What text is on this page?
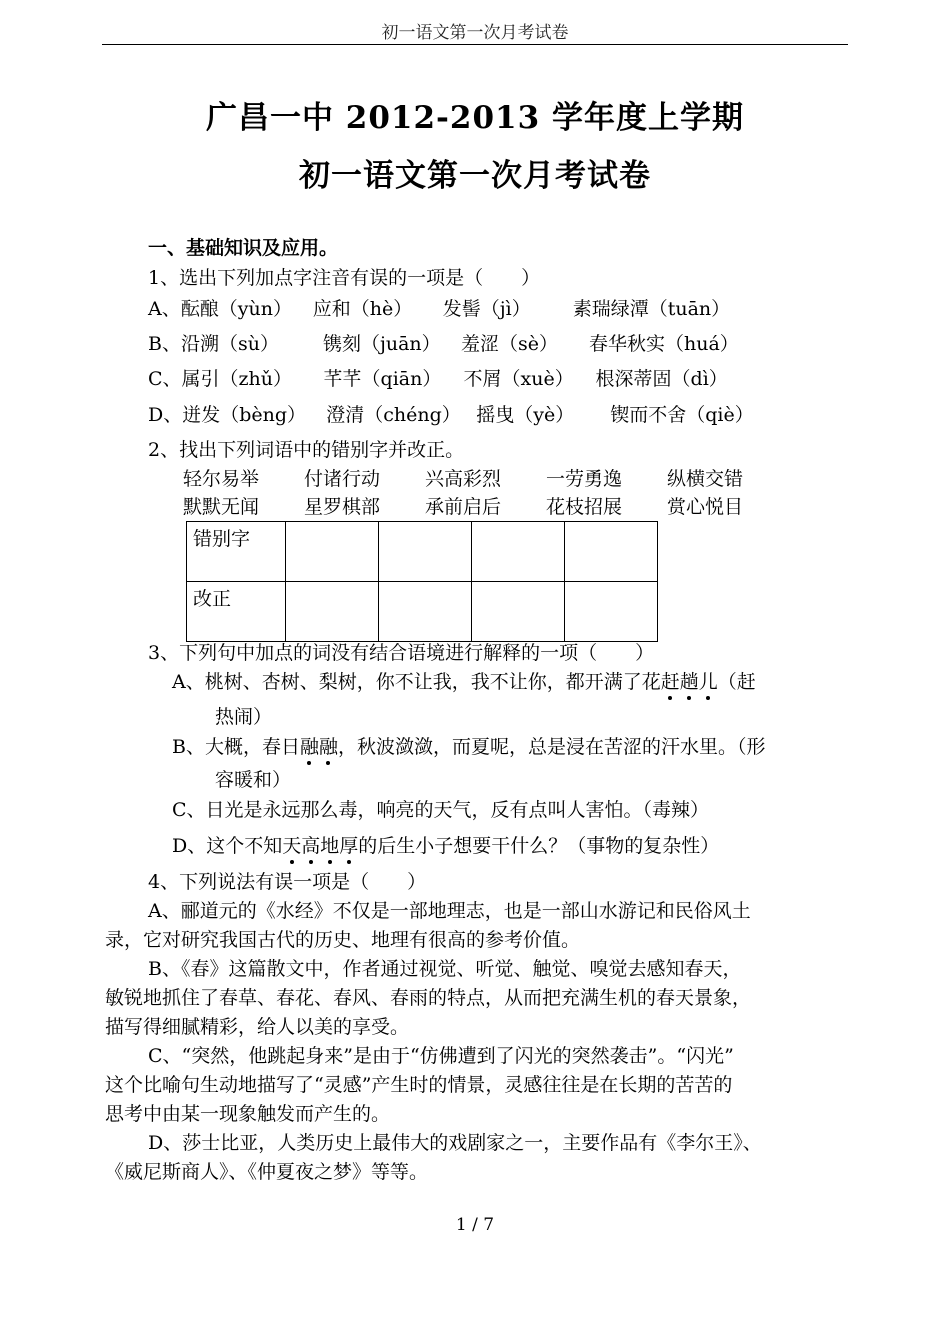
初一语文第一次月考试卷
广昌一中 2012-2013 学年度上学期
初一语文第一次月考试卷
一、基础知识及应用。
1、选出下列加点字注音有误的一项是（　　）
A、酝酿（yùn） 应和（hè） 发髻（jì） 素瑞绿潭（tuān）
B、沿溯（sù） 镌刻（juān） 羞涩（sè） 春华秋实（huá）
C、属引（zhǔ） 芊芊（qiān） 不屑（xuè） 根深蒂固（dì）
D、迸发（bèng） 澄清（chéng） 摇曳（yè） 锲而不舍（qiè）
2、找出下列词语中的错别字并改正。
轻尔易举 付诸行动 兴高彩烈 一劳勇逸 纵横交错
默默无闻 星罗棋部 承前启后 花枝招展 赏心悦目
错别字				
改正				
3、下列句中加点的词没有结合语境进行解释的一项（　　）
A、桃树、杏树、梨树，你不让我，我不让你，都开满了花赶趟儿（赶
热闹）
B、大概，春日融融，秋波潋潋，而夏呢，总是浸在苦涩的汗水里。（形
容暖和）
C、日光是永远那么毒，响亮的天气，反有点叫人害怕。（毒辣）
D、这个不知天高地厚的后生小子想要干什么？（事物的复杂性）
4、下列说法有误一项是（　　）
A、郦道元的《水经》不仅是一部地理志，也是一部山水游记和民俗风土
录，它对研究我国古代的历史、地理有很高的参考价值。
B、《春》这篇散文中，作者通过视觉、听觉、触觉、嗅觉去感知春天，
敏锐地抓住了春草、春花、春风、春雨的特点，从而把充满生机的春天景象，
描写得细腻精彩，给人以美的享受。
C、“突然，他跳起身来”是由于“仿佛遭到了闪光的突然袭击”。“闪光”
这个比喻句生动地描写了“灵感”产生时的情景，灵感往往是在长期的苦苦的
思考中由某一现象触发而产生的。
D、莎士比亚，人类历史上最伟大的戏剧家之一，主要作品有《李尔王》、
《威尼斯商人》、《仲夏夜之梦》等等。
1 / 7
